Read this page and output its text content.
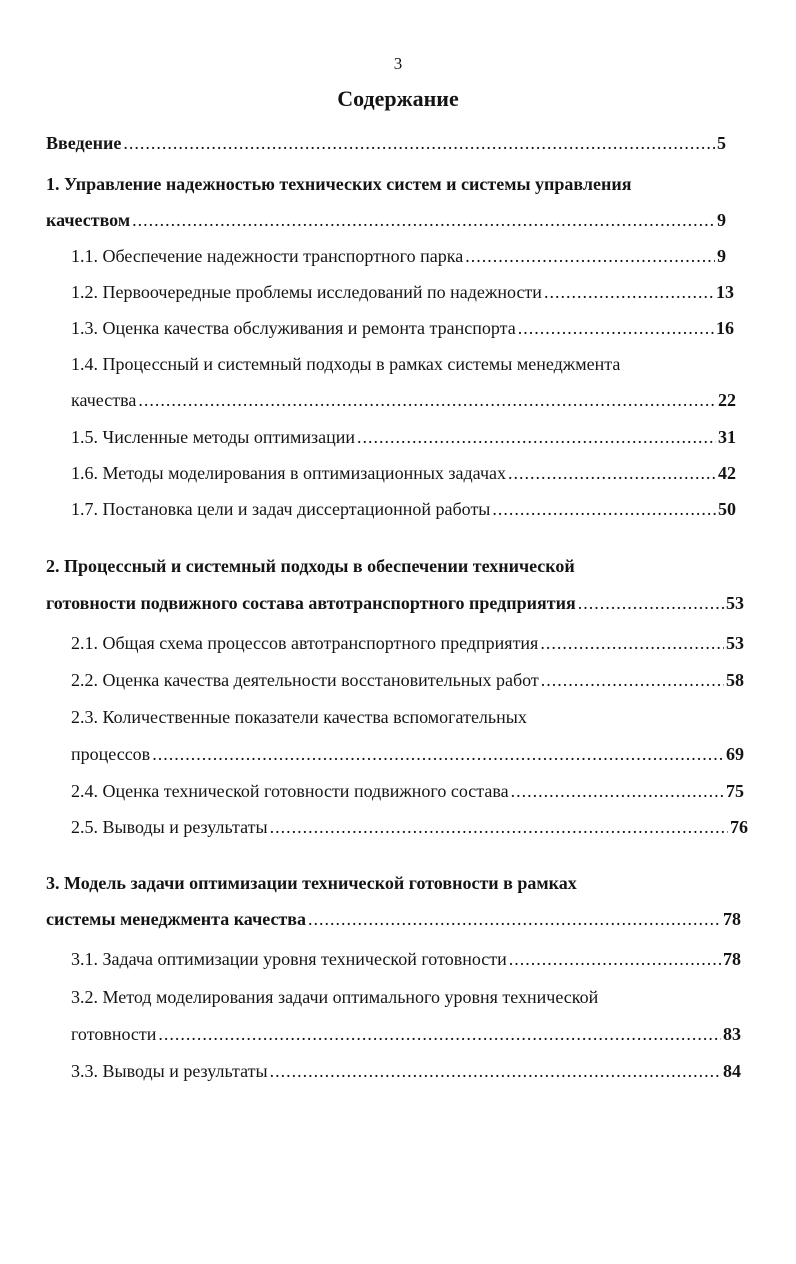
3
Содержание
Введение .....	5
1. Управление надежностью технических систем и системы управления
качеством .....	9
1.1. Обеспечение надежности транспортного парка .....	9
1.2. Первоочередные проблемы исследований по надежности .....	13
1.3. Оценка качества обслуживания и ремонта транспорта .....	16
1.4. Процессный и системный подходы в рамках системы менеджмента
качества .....	22
1.5. Численные методы оптимизации .....	31
1.6. Методы моделирования в оптимизационных задачах .....	42
1.7. Постановка цели и задач диссертационной работы .....	50
2. Процессный и системный подходы в обеспечении технической
готовности подвижного состава автотранспортного предприятия .....	53
2.1. Общая схема процессов автотранспортного предприятия .....	53
2.2. Оценка качества деятельности восстановительных работ .....	58
2.3. Количественные показатели качества вспомогательных
процессов .....	69
2.4. Оценка технической готовности подвижного состава .....	75
2.5. Выводы и результаты .....	76
3. Модель задачи оптимизации технической готовности в рамках
системы менеджмента качества .....	78
3.1. Задача оптимизации уровня технической готовности .....	78
3.2. Метод моделирования задачи оптимального уровня технической
готовности .....	83
3.3. Выводы и результаты .....	84
